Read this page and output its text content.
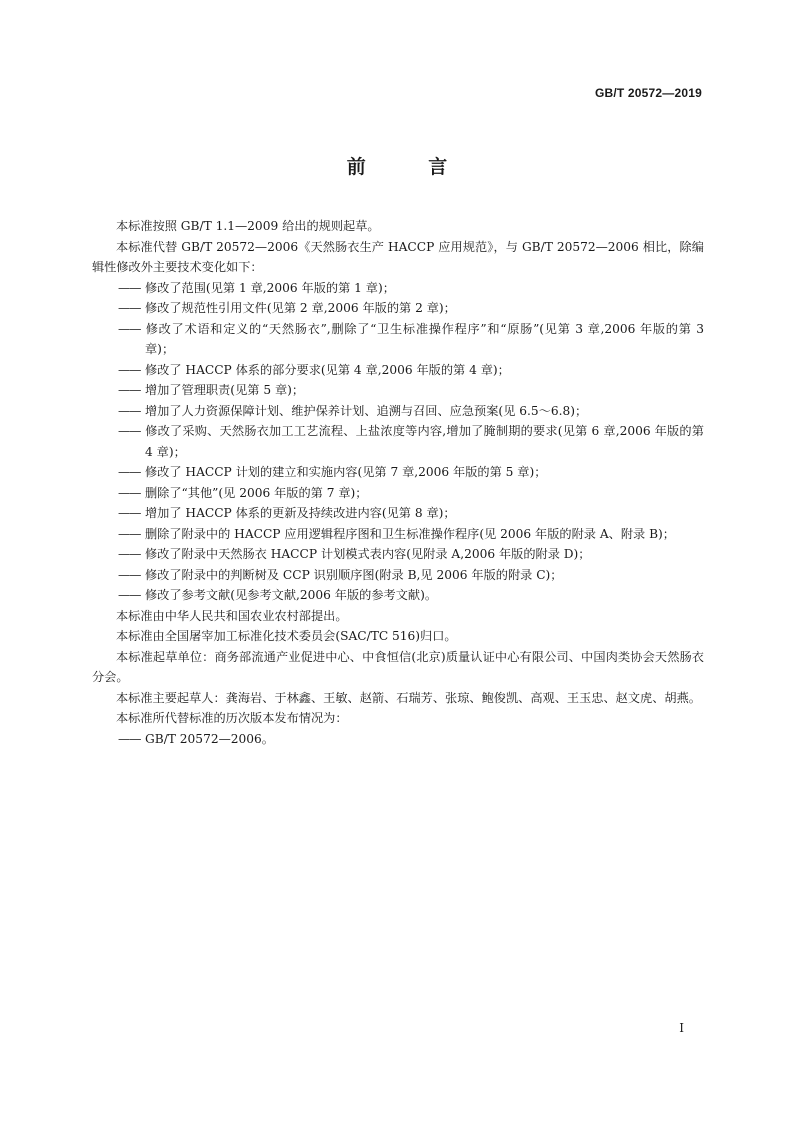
GB/T 20572—2019
前 言

本标准按照 GB/T 1.1—2009 给出的规则起草。

本标准代替 GB/T 20572—2006《天然肠衣生产 HACCP 应用规范》，与 GB/T 20572—2006 相比，除编辑性修改外主要技术变化如下：

—— 修改了范围(见第 1 章,2006 年版的第 1 章)；

—— 修改了规范性引用文件(见第 2 章,2006 年版的第 2 章)；

—— 修改了术语和定义的“天然肠衣”,删除了“卫生标准操作程序”和“原肠”(见第 3 章,2006 年版的第 3 章)；

—— 修改了 HACCP 体系的部分要求(见第 4 章,2006 年版的第 4 章)；

—— 增加了管理职责(见第 5 章)；

—— 增加了人力资源保障计划、维护保养计划、追溯与召回、应急预案(见 6.5～6.8)；

—— 修改了采购、天然肠衣加工工艺流程、上盐浓度等内容,增加了腌制期的要求(见第 6 章,2006 年版的第 4 章)；

—— 修改了 HACCP 计划的建立和实施内容(见第 7 章,2006 年版的第 5 章)；

—— 删除了“其他”(见 2006 年版的第 7 章)；

—— 增加了 HACCP 体系的更新及持续改进内容(见第 8 章)；

—— 删除了附录中的 HACCP 应用逻辑程序图和卫生标准操作程序(见 2006 年版的附录 A、附录 B)；

—— 修改了附录中天然肠衣 HACCP 计划模式表内容(见附录 A,2006 年版的附录 D)；

—— 修改了附录中的判断树及 CCP 识别顺序图(附录 B,见 2006 年版的附录 C)；

—— 修改了参考文献(见参考文献,2006 年版的参考文献)。

本标准由中华人民共和国农业农村部提出。

本标准由全国屠宰加工标准化技术委员会(SAC/TC 516)归口。

本标准起草单位：商务部流通产业促进中心、中食恒信(北京)质量认证中心有限公司、中国肉类协会天然肠衣分会。

本标准主要起草人：龚海岩、于林鑫、王敏、赵箭、石瑞芳、张琼、鲍俊凯、高观、王玉忠、赵文虎、胡燕。

本标准所代替标准的历次版本发布情况为：

—— GB/T 20572—2006。

I
